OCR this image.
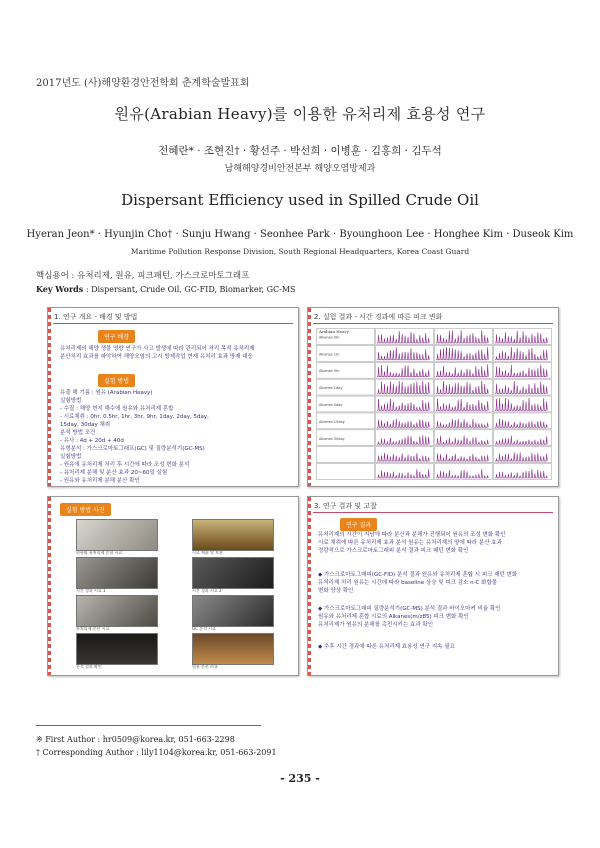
2017년도 (사)해양환경안전학회 춘계학술발표회
원유(Arabian Heavy)를 이용한 유처리제 효용성 연구
전혜란* · 조현진† · 황선주 · 박선희 · 이병훈 · 김홍희 · 김두석
남해해양경비안전본부 해양오염방제과
Dispersant Efficiency used in Spilled Crude Oil
Hyeran Jeon* · Hyunjin Cho† · Sunju Hwang · Seonhee Park · Byounghoon Lee · Honghee Kim · Duseok Kim
Maritime Pollution Response Division, South Regional Headquarters, Korea Coast Guard
핵심용어 : 유처리제, 원유, 피크패턴, 가스크로마토그래프
Key Words : Dispersant, Crude Oil, GC-FID, Biomarker, GC-MS
1. 연구 개요 - 배경 및 방법
연구 배경
유처리제의 해양 생물 영향 연구가 사고 발생에 따라 관리되어 처리 목적 유처리제
분산처리 효과를 파악하여 해양오염의 고시 방제작업 현재 유처리 효과 방제 대응
실험 방법
유출 해 기름 : 원유 (Arabian Heavy)
실험방법
- 수질 : 해양 현지 해수에 원유와 유처리제 혼합
- 시료채취 : 0hr, 0.5hr, 1hr, 3hr, 9hr, 1day, 2day, 5day,
15day, 30day 채취
분석 방법 조건
- 유사 : 4d + 20d + 40d
유형분석 : 가스크로마토그래프(GC) 및 질량분석기(GC-MS)
실험방법
- 원유에 유처리제 처리 후 시간에 따라 조성 변화 분석
- 유처리제 분해 및 분산 효과 20~60일 실험
- 원유와 유처리제 분해 분산 확인
2. 실험 결과 - 시간 경과에 따른 피크 변화
Alkanes 0hr
Alkanes 1hr
Alkanes 3hr
Alkanes 1day
Alkanes 5day
Alkanes 15day
Alkanes 30day
Arabian Heavy
실험 방법 사진
원유와 유처리제 혼합 시료	시료 채취 및 보관
시간 경과 시료 1	시간 경과 시료 2
유처리제 분산 시료	GC 분석 시료
분석 결과 확인	원유 분산 비교
3. 연구 결과 및 고찰
연구 결과
유처리제의 시간이 지남에 따라 분산과 분해가 진행되어 원유의 조성 변화 확인
시료 채취에 따른 유처리제 효과 분석 원유는 유처리제의 양에 따라 분산 효과
정량적으로 가스크로마토그래피 분석 결과 피크 패턴 변화 확인
◆ 가스크로마토그래피(GC-FID) 분석 결과 원유와 유처리제 혼합 시 피크 패턴 변화
유처리제 처리 원유는 시간에 따라 baseline 상승 및 피크 감소 n-C 화합물
변화 양상 확인
◆ 가스크로마토그래피 질량분석기(GC-MS) 분석 결과 바이오마커 비율 확인
원유와 유처리제 혼합 시료의 Alkanes(m/z85) 피크 변화 확인
유처리제가 원유의 분해를 촉진시키는 효과 확인
◆ 추후 시간 경과에 따른 유처리제 효용성 연구 지속 필요
※ First Author : hr0509@korea.kr, 051-663-2298
† Corresponding Author : lily1104@korea.kr, 051-663-2091
- 235 -
